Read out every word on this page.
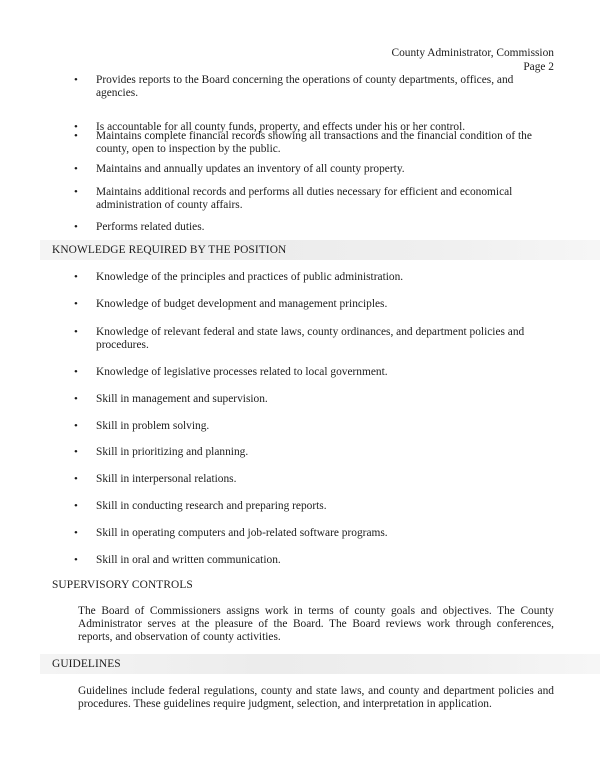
County Administrator, Commission
Page 2
• Provides reports to the Board concerning the operations of county departments, offices, and agencies.
• Is accountable for all county funds, property, and effects under his or her control.
• Maintains complete financial records showing all transactions and the financial condition of the county, open to inspection by the public.
• Maintains and annually updates an inventory of all county property.
• Maintains additional records and performs all duties necessary for efficient and economical administration of county affairs.
• Performs related duties.
KNOWLEDGE REQUIRED BY THE POSITION
• Knowledge of the principles and practices of public administration.
• Knowledge of budget development and management principles.
• Knowledge of relevant federal and state laws, county ordinances, and department policies and procedures.
• Knowledge of legislative processes related to local government.
• Skill in management and supervision.
• Skill in problem solving.
• Skill in prioritizing and planning.
• Skill in interpersonal relations.
• Skill in conducting research and preparing reports.
• Skill in operating computers and job-related software programs.
• Skill in oral and written communication.
SUPERVISORY CONTROLS
The Board of Commissioners assigns work in terms of county goals and objectives. The County Administrator serves at the pleasure of the Board. The Board reviews work through conferences, reports, and observation of county activities.
GUIDELINES
Guidelines include federal regulations, county and state laws, and county and department policies and procedures. These guidelines require judgment, selection, and interpretation in application.
